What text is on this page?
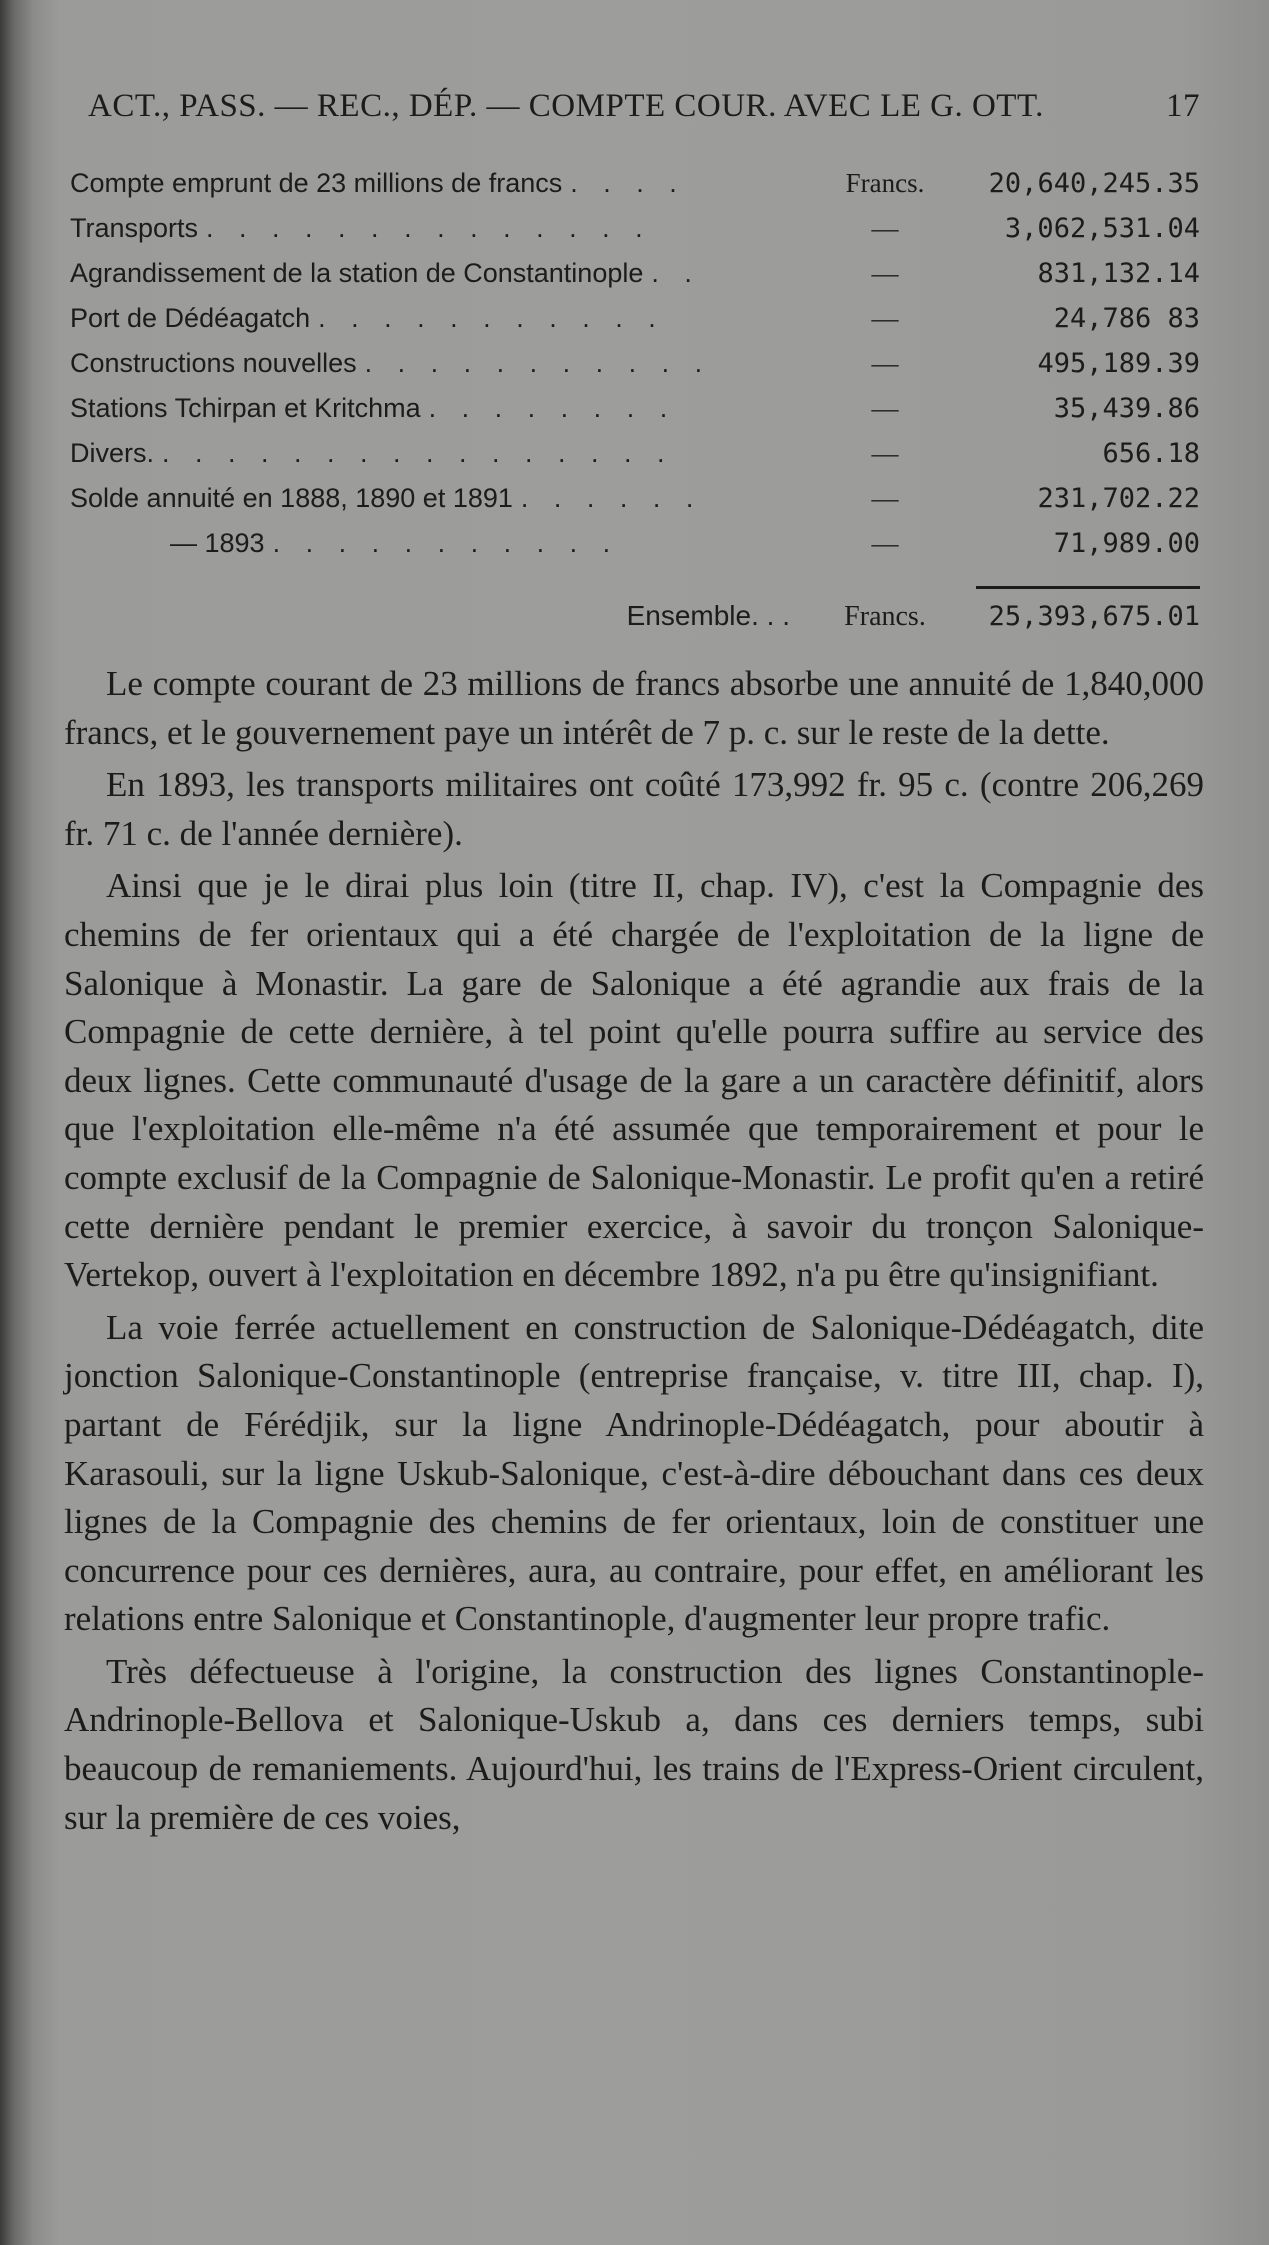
ACT., PASS. — REC., DÉP. — COMPTE COUR. AVEC LE G. OTT.	17
Compte emprunt de 23 millions de francs . . . .	Francs.	20,640,245.35
Transports . . . . . . . . . . . . . .	—	3,062,531.04
Agrandissement de la station de Constantinople . .	—	831,132.14
Port de Dédéagatch . . . . . . . . . . .	—	24,786 83
Constructions nouvelles . . . . . . . . . . .	—	495,189.39
Stations Tchirpan et Kritchma . . . . . . . .	—	35,439.86
Divers. . . . . . . . . . . . . . . . .	—	656.18
Solde annuité en 1888, 1890 et 1891 . . . . . .	—	231,702.22
— 1893 . . . . . . . . . . .	—	71,989.00
Ensemble. . .	Francs.	25,393,675.01

Le compte courant de 23 millions de francs absorbe une annuité de 1,840,000 francs, et le gouvernement paye un intérêt de 7 p. c. sur le reste de la dette.

En 1893, les transports militaires ont coûté 173,992 fr. 95 c. (contre 206,269 fr. 71 c. de l'année dernière).

Ainsi que je le dirai plus loin (titre II, chap. IV), c'est la Compagnie des chemins de fer orientaux qui a été chargée de l'exploitation de la ligne de Salonique à Monastir. La gare de Salonique a été agrandie aux frais de la Compagnie de cette dernière, à tel point qu'elle pourra suffire au service des deux lignes. Cette communauté d'usage de la gare a un caractère définitif, alors que l'exploitation elle-même n'a été assumée que temporairement et pour le compte exclusif de la Compagnie de Salonique-Monastir. Le profit qu'en a retiré cette dernière pendant le premier exercice, à savoir du tronçon Salonique-Vertekop, ouvert à l'exploitation en décembre 1892, n'a pu être qu'insignifiant.

La voie ferrée actuellement en construction de Salonique-Dédéagatch, dite jonction Salonique-Constantinople (entreprise française, v. titre III, chap. I), partant de Férédjik, sur la ligne Andrinople-Dédéagatch, pour aboutir à Karasouli, sur la ligne Uskub-Salonique, c'est-à-dire débouchant dans ces deux lignes de la Compagnie des chemins de fer orientaux, loin de constituer une concurrence pour ces dernières, aura, au contraire, pour effet, en améliorant les relations entre Salonique et Constantinople, d'augmenter leur propre trafic.

Très défectueuse à l'origine, la construction des lignes Constantinople-Andrinople-Bellova et Salonique-Uskub a, dans ces derniers temps, subi beaucoup de remaniements. Aujourd'hui, les trains de l'Express-Orient circulent, sur la première de ces voies,
